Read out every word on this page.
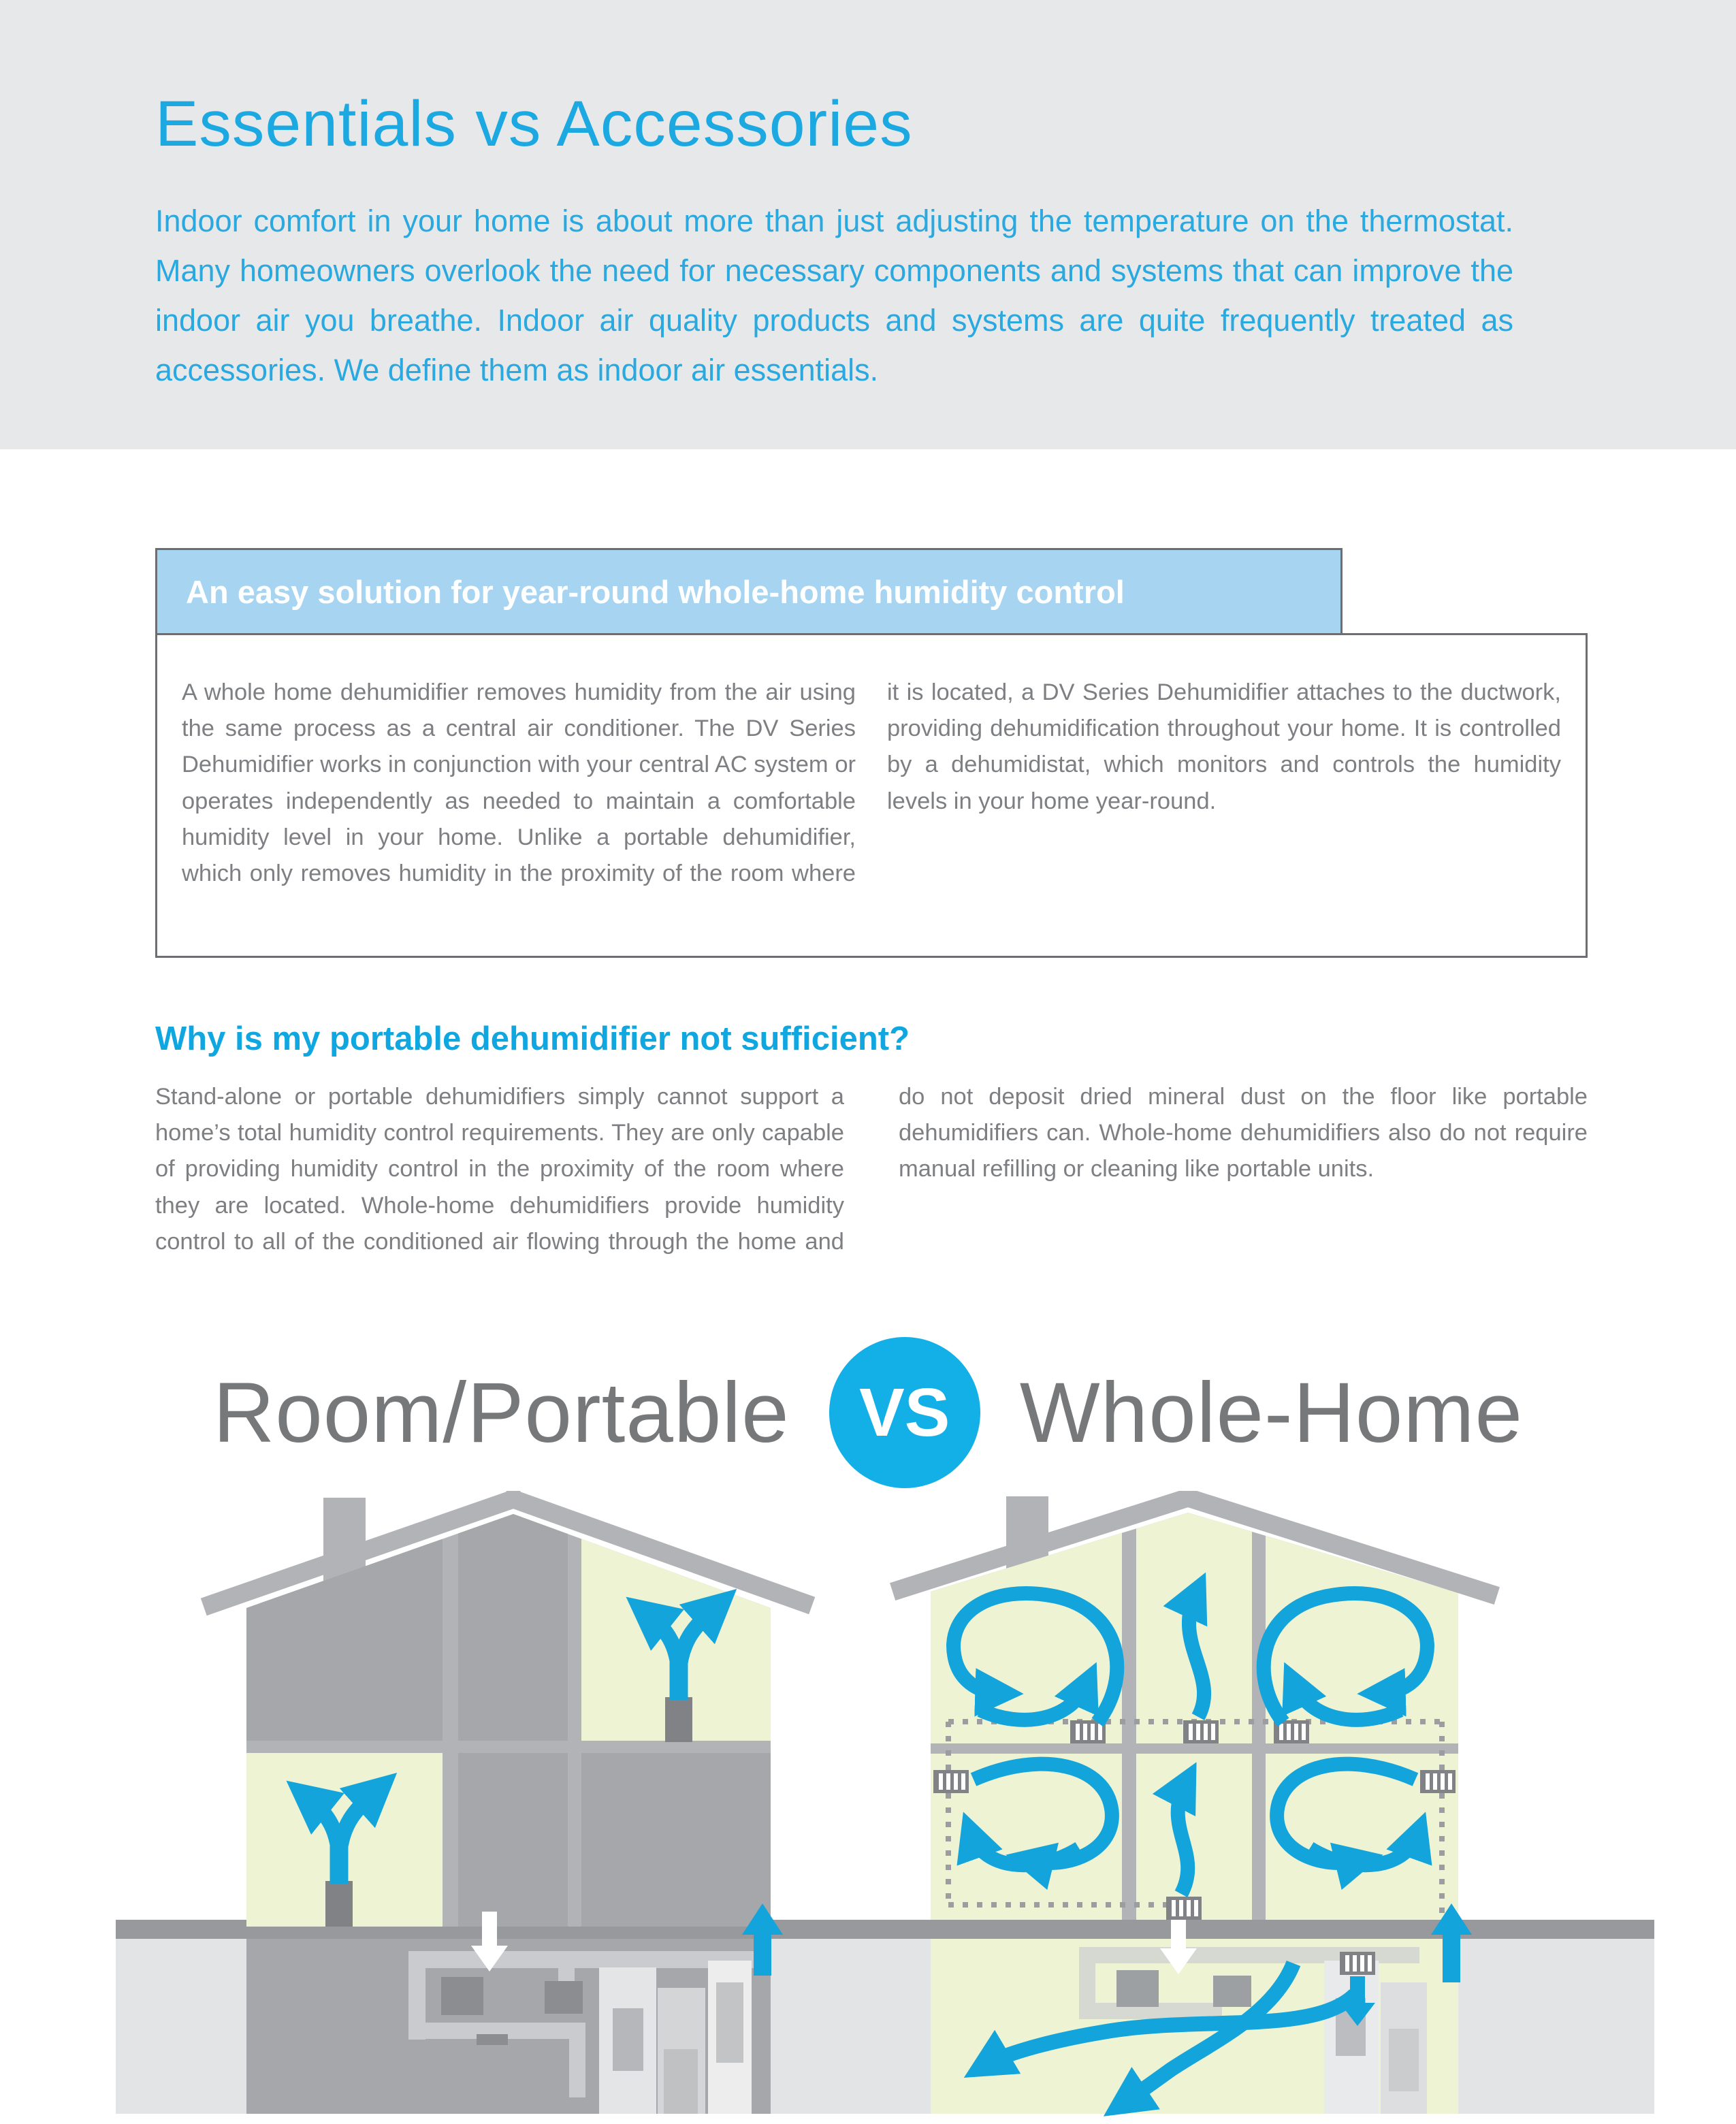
Essentials vs Accessories
Indoor comfort in your home is about more than just adjusting the temperature on the thermostat. Many homeowners overlook the need for necessary components and systems that can improve the indoor air you breathe. Indoor air quality products and systems are quite frequently treated as accessories. We define them as indoor air essentials.
An easy solution for year-round whole-home humidity control
A whole home dehumidifier removes humidity from the air using the same process as a central air conditioner. The DV Series Dehumidifier works in conjunction with your central AC system or operates independently as needed to maintain a comfortable humidity level in your home. Unlike a portable dehumidifier, which only removes humidity in the proximity of the room where it is located, a DV Series Dehumidifier attaches to the ductwork, providing dehumidification throughout your home. It is controlled by a dehumidistat, which monitors and controls the humidity levels in your home year-round.
Why is my portable dehumidifier not sufficient?
Stand-alone or portable dehumidifiers simply cannot support a home’s total humidity control requirements. They are only capable of providing humidity control in the proximity of the room where they are located. Whole-home dehumidifiers provide humidity control to all of the conditioned air flowing through the home and do not deposit dried mineral dust on the floor like portable dehumidifiers can. Whole-home dehumidifiers also do not require manual refilling or cleaning like portable units.
Room/Portable VS Whole-Home
